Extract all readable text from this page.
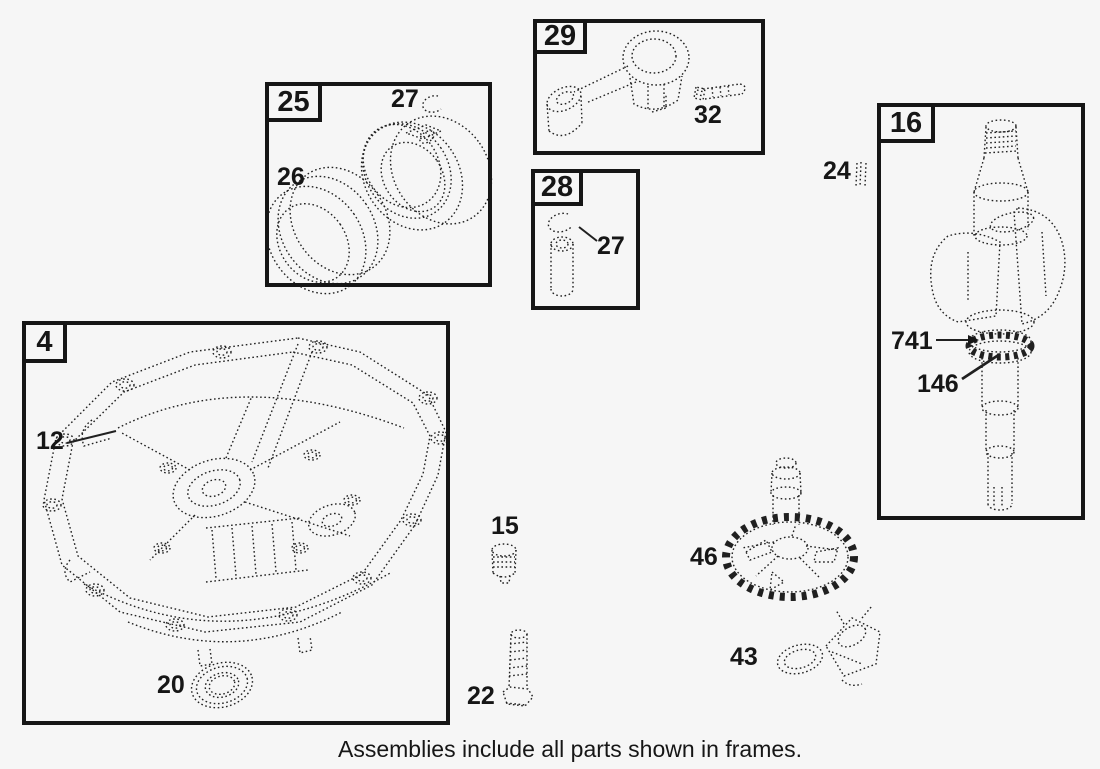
25
29
28
16
4
12
20
26
27
32
27
24
741
146
15
22
46
43
Assemblies include all parts shown in frames.
